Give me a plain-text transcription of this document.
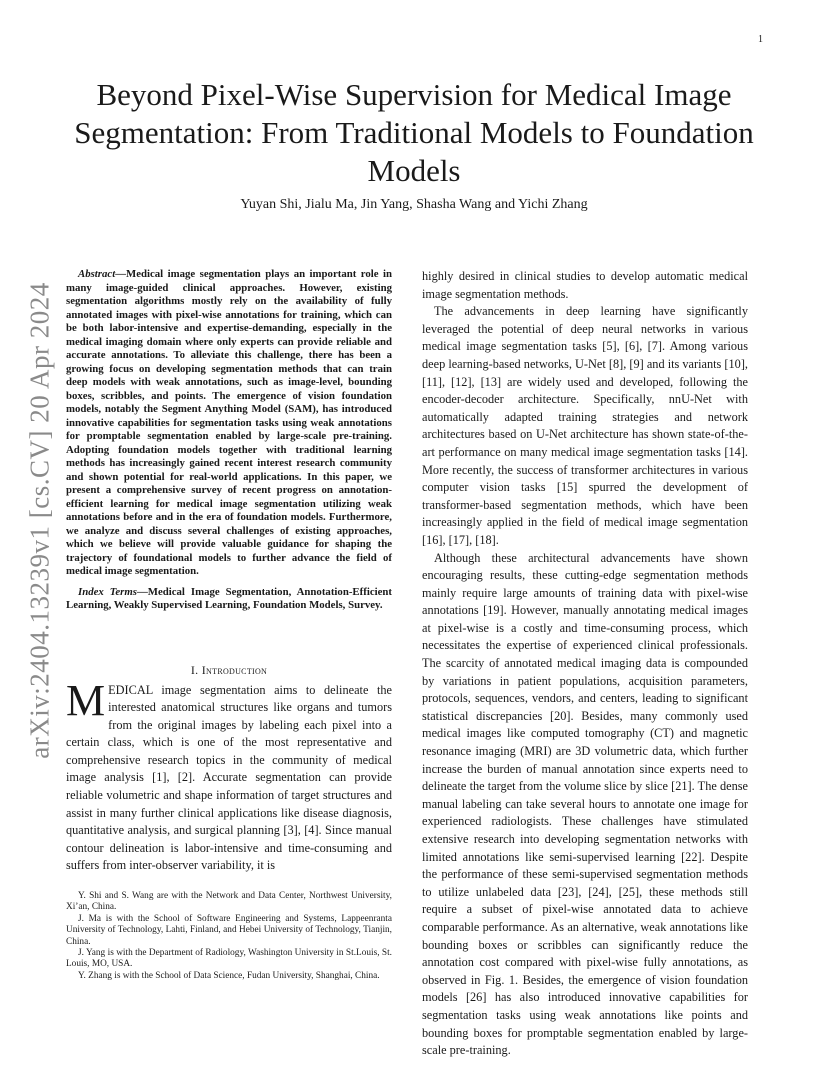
1
arXiv:2404.13239v1 [cs.CV] 20 Apr 2024
Beyond Pixel-Wise Supervision for Medical Image Segmentation: From Traditional Models to Foundation Models
Yuyan Shi, Jialu Ma, Jin Yang, Shasha Wang and Yichi Zhang

Abstract—Medical image segmentation plays an important role in many image-guided clinical approaches. However, existing segmentation algorithms mostly rely on the availability of fully annotated images with pixel-wise annotations for training, which can be both labor-intensive and expertise-demanding, especially in the medical imaging domain where only experts can provide reliable and accurate annotations. To alleviate this challenge, there has been a growing focus on developing segmentation methods that can train deep models with weak annotations, such as image-level, bounding boxes, scribbles, and points. The emergence of vision foundation models, notably the Segment Anything Model (SAM), has introduced innovative capabilities for segmentation tasks using weak annotations for promptable segmentation enabled by large-scale pre-training. Adopting foundation models together with traditional learning methods has increasingly gained recent interest research community and shown potential for real-world applications. In this paper, we present a comprehensive survey of recent progress on annotation-efficient learning for medical image segmentation utilizing weak annotations before and in the era of foundation models. Furthermore, we analyze and discuss several challenges of existing approaches, which we believe will provide valuable guidance for shaping the trajectory of foundational models to further advance the field of medical image segmentation.

Index Terms—Medical Image Segmentation, Annotation-Efficient Learning, Weakly Supervised Learning, Foundation Models, Survey.

I. Introduction

MEDICAL image segmentation aims to delineate the interested anatomical structures like organs and tumors from the original images by labeling each pixel into a certain class, which is one of the most representative and comprehensive research topics in the community of medical image analysis [1], [2]. Accurate segmentation can provide reliable volumetric and shape information of target structures and assist in many further clinical applications like disease diagnosis, quantitative analysis, and surgical planning [3], [4]. Since manual contour delineation is labor-intensive and time-consuming and suffers from inter-observer variability, it is

Y. Shi and S. Wang are with the Network and Data Center, Northwest University, Xi’an, China.

J. Ma is with the School of Software Engineering and Systems, Lappeenranta University of Technology, Lahti, Finland, and Hebei University of Technology, Tianjin, China.

J. Yang is with the Department of Radiology, Washington University in St.Louis, St. Louis, MO, USA.

Y. Zhang is with the School of Data Science, Fudan University, Shanghai, China.

highly desired in clinical studies to develop automatic medical image segmentation methods.

The advancements in deep learning have significantly leveraged the potential of deep neural networks in various medical image segmentation tasks [5], [6], [7]. Among various deep learning-based networks, U-Net [8], [9] and its variants [10], [11], [12], [13] are widely used and developed, following the encoder-decoder architecture. Specifically, nnU-Net with automatically adapted training strategies and network architectures based on U-Net architecture has shown state-of-the-art performance on many medical image segmentation tasks [14]. More recently, the success of transformer architectures in various computer vision tasks [15] spurred the development of transformer-based segmentation methods, which have been increasingly applied in the field of medical image segmentation [16], [17], [18].

Although these architectural advancements have shown encouraging results, these cutting-edge segmentation methods mainly require large amounts of training data with pixel-wise annotations [19]. However, manually annotating medical images at pixel-wise is a costly and time-consuming process, which necessitates the expertise of experienced clinical professionals. The scarcity of annotated medical imaging data is compounded by variations in patient populations, acquisition parameters, protocols, sequences, vendors, and centers, leading to significant statistical discrepancies [20]. Besides, many commonly used medical images like computed tomography (CT) and magnetic resonance imaging (MRI) are 3D volumetric data, which further increase the burden of manual annotation since experts need to delineate the target from the volume slice by slice [21]. The dense manual labeling can take several hours to annotate one image for experienced radiologists. These challenges have stimulated extensive research into developing segmentation networks with limited annotations like semi-supervised learning [22]. Despite the performance of these semi-supervised segmentation methods to utilize unlabeled data [23], [24], [25], these methods still require a subset of pixel-wise annotated data to achieve comparable performance. As an alternative, weak annotations like bounding boxes or scribbles can significantly reduce the annotation cost compared with pixel-wise fully annotations, as observed in Fig. 1. Besides, the emergence of vision foundation models [26] has also introduced innovative capabilities for segmentation tasks using weak annotations like points and bounding boxes for promptable segmentation enabled by large-scale pre-training.
